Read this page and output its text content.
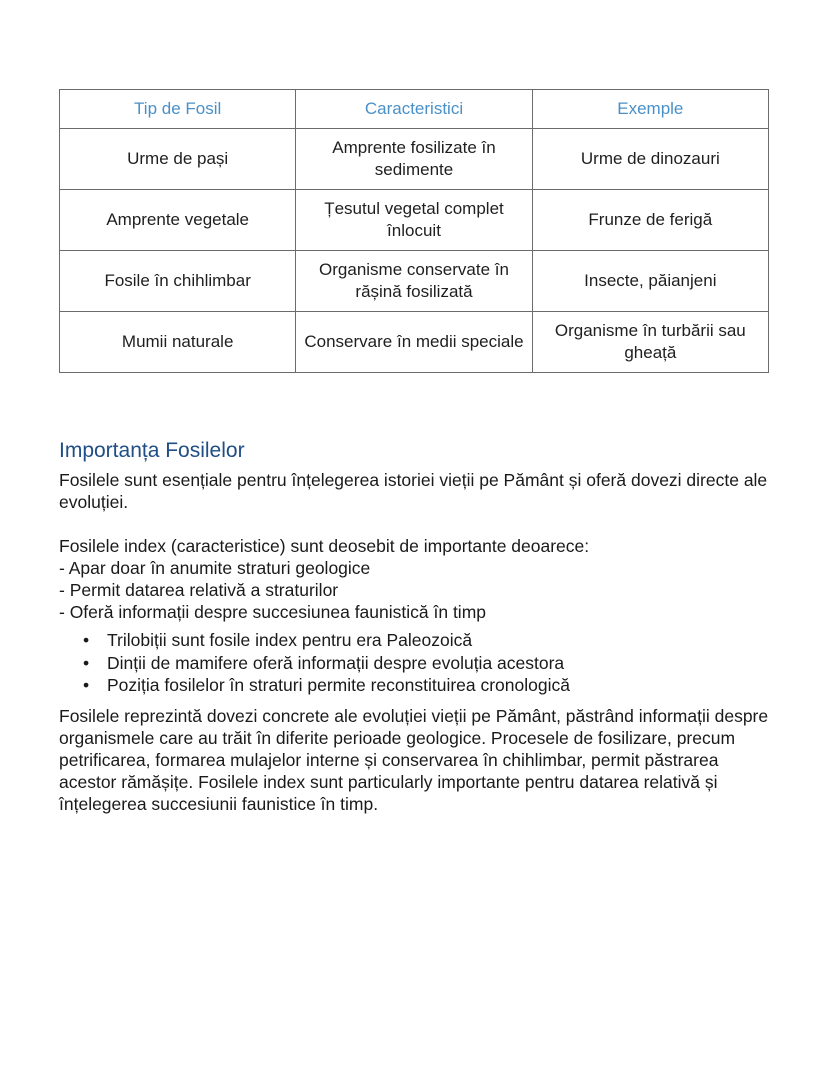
Tip de Fosil	Caracteristici	Exemple
Urme de pași	Amprente fosilizate în sedimente	Urme de dinozauri
Amprente vegetale	Țesutul vegetal complet înlocuit	Frunze de ferigă
Fosile în chihlimbar	Organisme conservate în rășină fosilizată	Insecte, păianjeni
Mumii naturale	Conservare în medii speciale	Organisme în turbării sau gheață
Importanța Fosilelor

Fosilele sunt esențiale pentru înțelegerea istoriei vieții pe Pământ și oferă dovezi directe ale evoluției.

Fosilele index (caracteristice) sunt deosebit de importante deoarece:
- Apar doar în anumite straturi geologice
- Permit datarea relativă a straturilor
- Oferă informații despre succesiunea faunistică în timp

•	Trilobiții sunt fosile index pentru era Paleozoică
•	Dinții de mamifere oferă informații despre evoluția acestora
•	Poziția fosilelor în straturi permite reconstituirea cronologică

Fosilele reprezintă dovezi concrete ale evoluției vieții pe Pământ, păstrând informații despre organismele care au trăit în diferite perioade geologice. Procesele de fosilizare, precum petrificarea, formarea mulajelor interne și conservarea în chihlimbar, permit păstrarea acestor rămășițe. Fosilele index sunt particularly importante pentru datarea relativă și înțelegerea succesiunii faunistice în timp.
